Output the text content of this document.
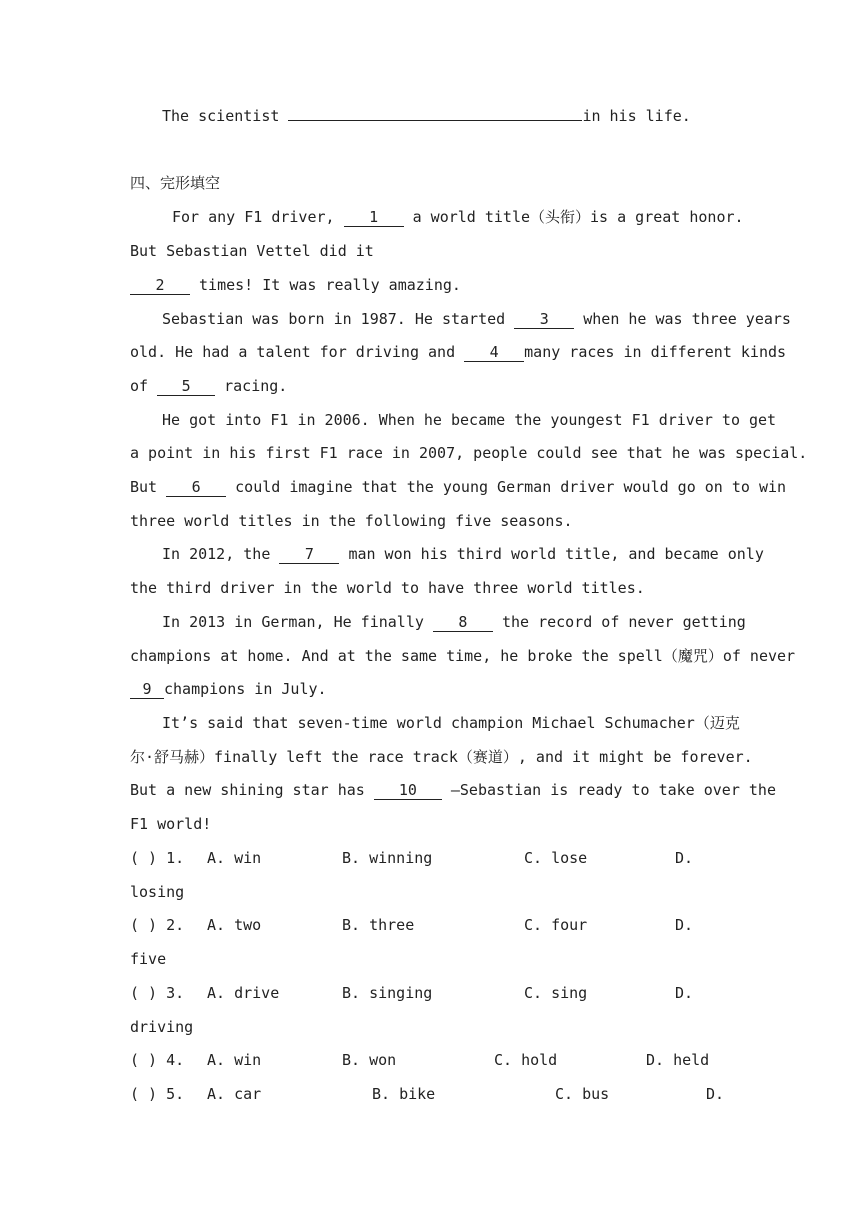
The scientist	in his life.
四、完形填空
For any F1 driver, 1 a world title（头衔）is a great honor.
But Sebastian Vettel did it
2 times! It was really amazing.
Sebastian was born in 1987. He started 3 when he was three years
old. He had a talent for driving and 4 many races in different kinds
of 5 racing.
He got into F1 in 2006. When he became the youngest F1 driver to get
a point in his first F1 race in 2007, people could see that he was special.
But 6 could imagine that the young German driver would go on to win
three world titles in the following five seasons.
In 2012, the 7 man won his third world title, and became only
the third driver in the world to have three world titles.
In 2013 in German, He finally 8 the record of never getting
champions at home. And at the same time, he broke the spell（魔咒）of never
9 champions in July.
It’s said that seven-time world champion Michael Schumacher（迈克
尔·舒马赫）finally left the race track（赛道）, and it might be forever.
But a new shining star has 10 —Sebastian is ready to take over the
F1 world!
( ) 1. A. win	B. winning	C. lose	D.
losing
( ) 2. A. two	B. three	C. four	D.
five
( ) 3. A. drive	B. singing	C. sing	D.
driving
( ) 4. A. win	B. won	C. hold	D. held
( ) 5. A. car	B. bike	C. bus	D.
